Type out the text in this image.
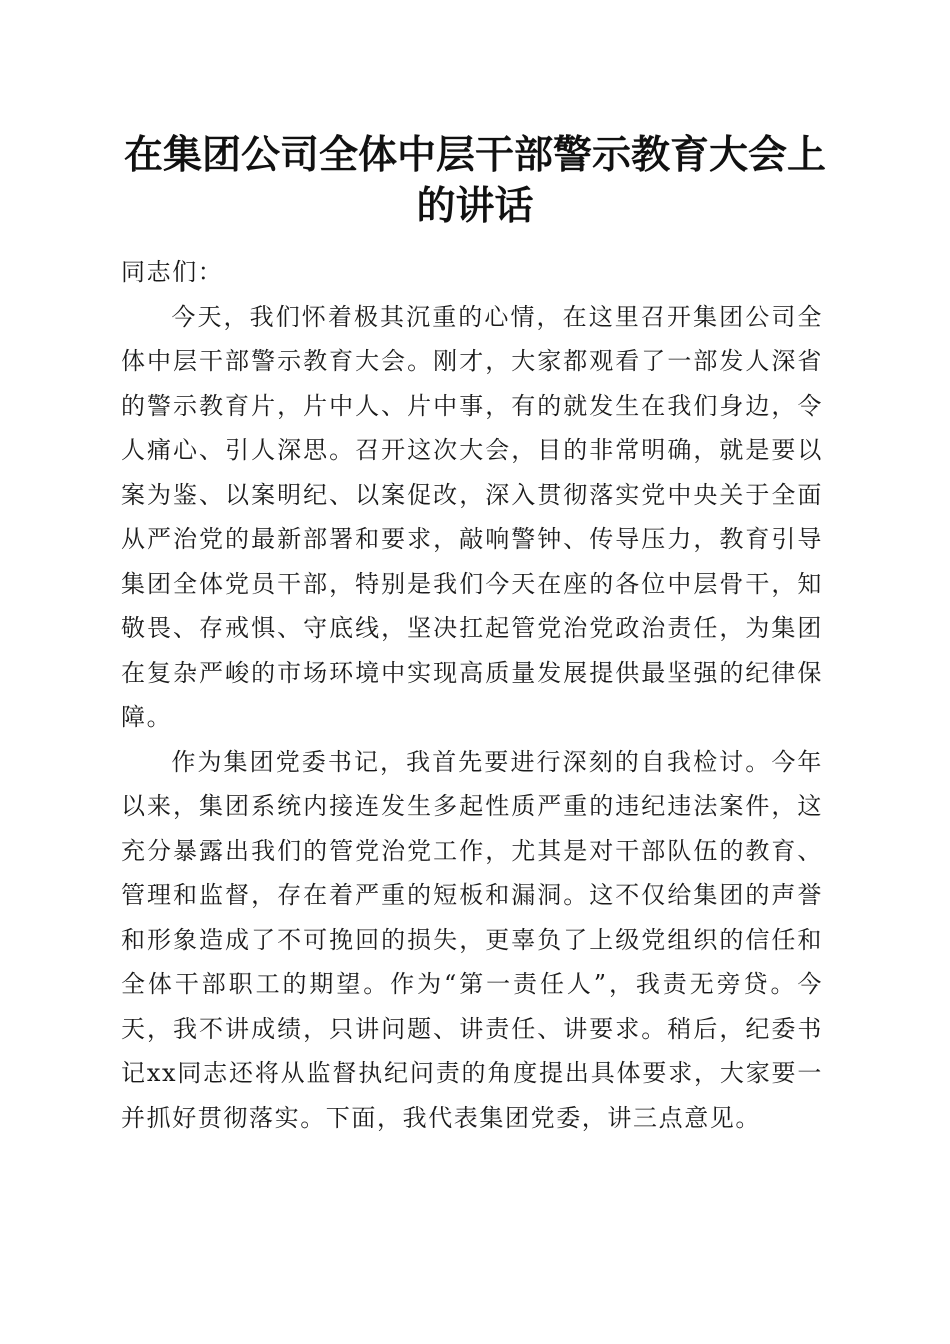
在集团公司全体中层干部警示教育大会上的讲话

同志们：

今天，我们怀着极其沉重的心情，在这里召开集团公司全体中层干部警示教育大会。刚才，大家都观看了一部发人深省的警示教育片，片中人、片中事，有的就发生在我们身边，令人痛心、引人深思。召开这次大会，目的非常明确，就是要以案为鉴、以案明纪、以案促改，深入贯彻落实党中央关于全面从严治党的最新部署和要求，敲响警钟、传导压力，教育引导集团全体党员干部，特别是我们今天在座的各位中层骨干，知敬畏、存戒惧、守底线，坚决扛起管党治党政治责任，为集团在复杂严峻的市场环境中实现高质量发展提供最坚强的纪律保障。

作为集团党委书记，我首先要进行深刻的自我检讨。今年以来，集团系统内接连发生多起性质严重的违纪违法案件，这充分暴露出我们的管党治党工作，尤其是对干部队伍的教育、管理和监督，存在着严重的短板和漏洞。这不仅给集团的声誉和形象造成了不可挽回的损失，更辜负了上级党组织的信任和全体干部职工的期望。作为“第一责任人”，我责无旁贷。今天，我不讲成绩，只讲问题、讲责任、讲要求。稍后，纪委书记xx同志还将从监督执纪问责的角度提出具体要求，大家要一并抓好贯彻落实。下面，我代表集团党委，讲三点意见。
